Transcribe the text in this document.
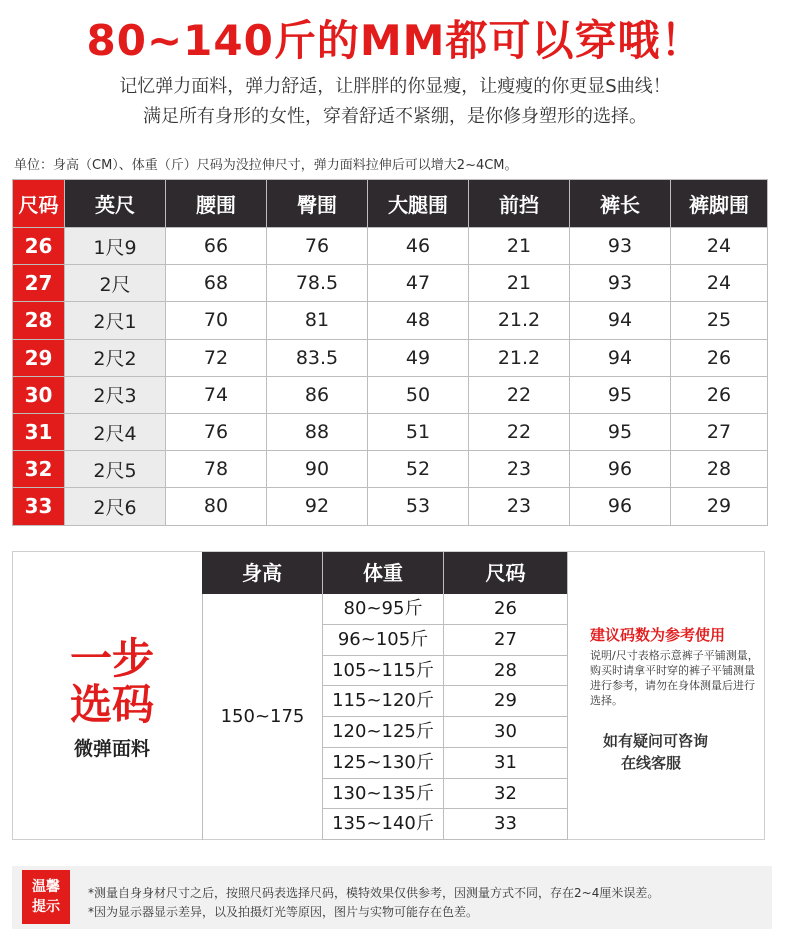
80~140斤的MM都可以穿哦！
记忆弹力面料，弹力舒适，让胖胖的你显瘦，让瘦瘦的你更显S曲线！
满足所有身形的女性，穿着舒适不紧绷，是你修身塑形的选择。
单位：身高（CM）、体重（斤）尺码为没拉伸尺寸，弹力面料拉伸后可以增大2~4CM。
尺码	英尺	腰围	臀围	大腿围	前挡	裤长	裤脚围
26	1尺9	66	76	46	21	93	24
27	2尺	68	78.5	47	21	93	24
28	2尺1	70	81	48	21.2	94	25
29	2尺2	72	83.5	49	21.2	94	26
30	2尺3	74	86	50	22	95	26
31	2尺4	76	88	51	22	95	27
32	2尺5	78	90	52	23	96	28
33	2尺6	80	92	53	23	96	29
一步
选码
微弹面料
身高	体重	尺码
150~175
80~95斤	26
96~105斤	27
105~115斤	28
115~120斤	29
120~125斤	30
125~130斤	31
130~135斤	32
135~140斤	33
建议码数为参考使用
说明/尺寸表格示意裤子平铺测量，购买时请拿平时穿的裤子平铺测量进行参考，请勿在身体测量后进行选择。
如有疑问可咨询
在线客服
温馨
提示
*测量自身身材尺寸之后，按照尺码表选择尺码，模特效果仅供参考，因测量方式不同，存在2~4厘米误差。
*因为显示器显示差异，以及拍摄灯光等原因，图片与实物可能存在色差。
